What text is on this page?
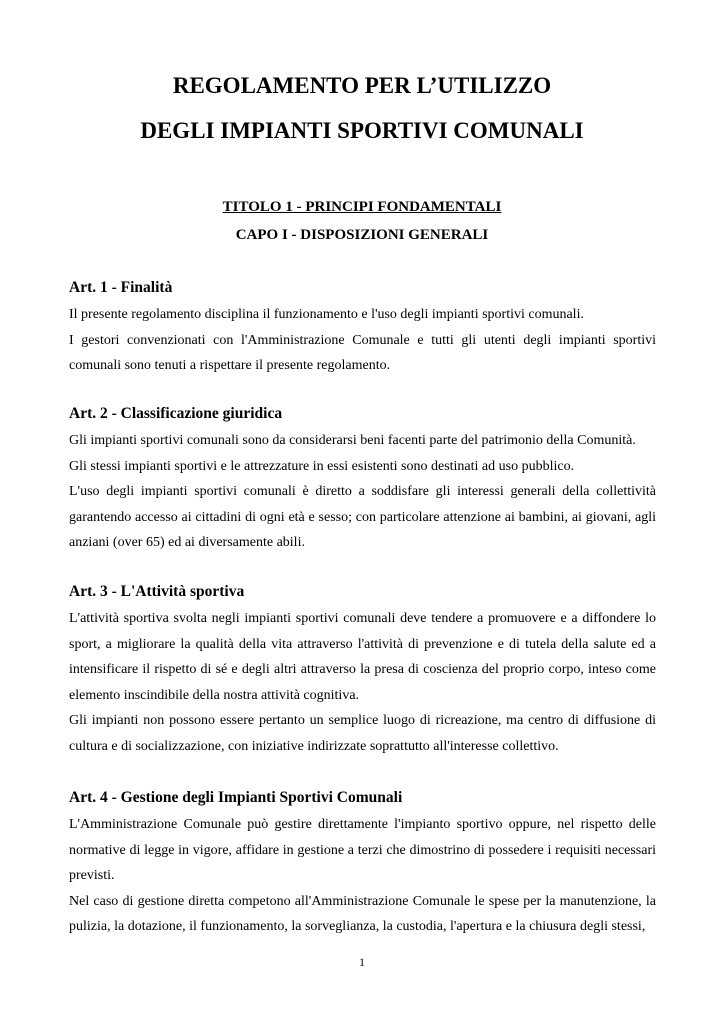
REGOLAMENTO PER L’UTILIZZO
DEGLI IMPIANTI SPORTIVI COMUNALI
TITOLO 1 - PRINCIPI FONDAMENTALI
CAPO I - DISPOSIZIONI GENERALI
Art. 1 - Finalità

Il presente regolamento disciplina il funzionamento e l'uso degli impianti sportivi comunali.

I gestori convenzionati con l'Amministrazione Comunale e tutti gli utenti degli impianti sportivi comunali sono tenuti a rispettare il presente regolamento.

Art. 2 - Classificazione giuridica

Gli impianti sportivi comunali sono da considerarsi beni facenti parte del patrimonio della Comunità.

Gli stessi impianti sportivi e le attrezzature in essi esistenti sono destinati ad uso pubblico.

L'uso degli impianti sportivi comunali è diretto a soddisfare gli interessi generali della collettività garantendo accesso ai cittadini di ogni età e sesso; con particolare attenzione ai bambini, ai giovani, agli anziani (over 65) ed ai diversamente abili.

Art. 3 - L'Attività sportiva

L'attività sportiva svolta negli impianti sportivi comunali deve tendere a promuovere e a diffondere lo sport, a migliorare la qualità della vita attraverso l'attività di prevenzione e di tutela della salute ed a intensificare il rispetto di sé e degli altri attraverso la presa di coscienza del proprio corpo, inteso come elemento inscindibile della nostra attività cognitiva.

Gli impianti non possono essere pertanto un semplice luogo di ricreazione, ma centro di diffusione di cultura e di socializzazione, con iniziative indirizzate soprattutto all'interesse collettivo.

Art. 4 - Gestione degli Impianti Sportivi Comunali

L'Amministrazione Comunale può gestire direttamente l'impianto sportivo oppure, nel rispetto delle normative di legge in vigore, affidare in gestione a terzi che dimostrino di possedere i requisiti necessari previsti.

Nel caso di gestione diretta competono all'Amministrazione Comunale le spese per la manutenzione, la pulizia, la dotazione, il funzionamento, la sorveglianza, la custodia, l'apertura e la chiusura degli stessi,

1
